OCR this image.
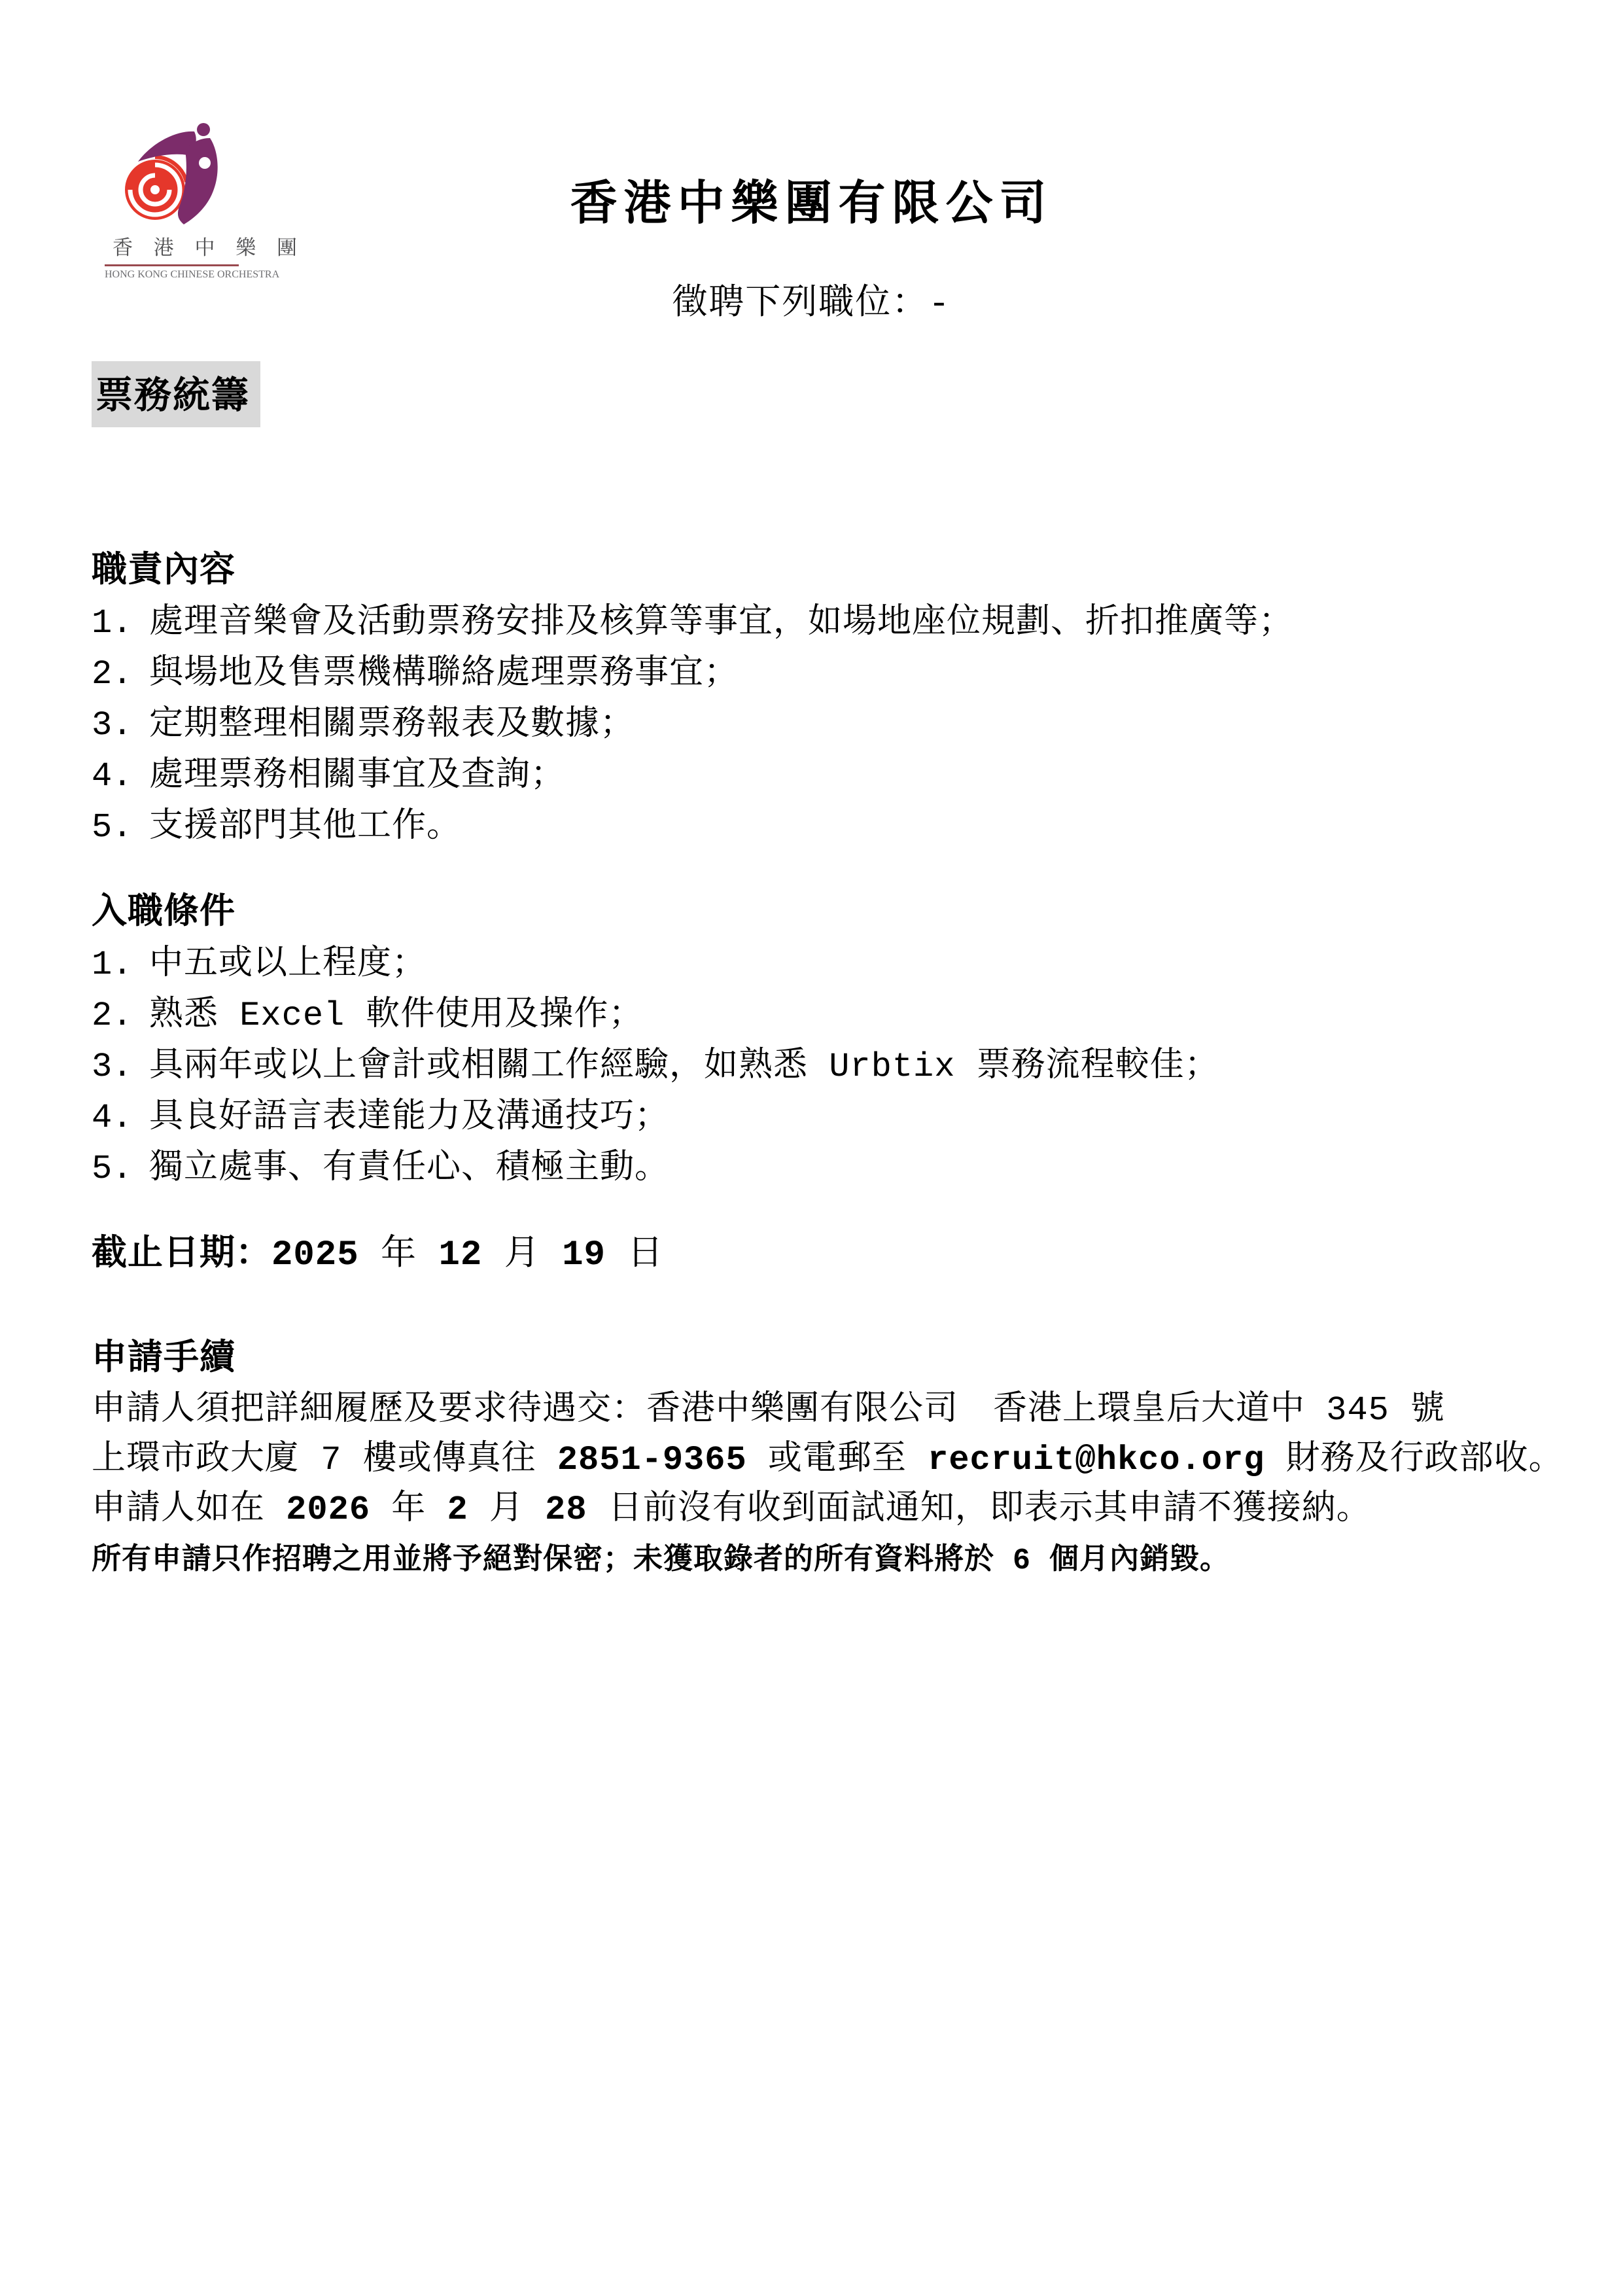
香 港 中 樂 團
HONG KONG CHINESE ORCHESTRA
香港中樂團有限公司
徵聘下列職位：-
票務統籌
職責內容
1. 處理音樂會及活動票務安排及核算等事宜，如場地座位規劃、折扣推廣等；
2. 與場地及售票機構聯絡處理票務事宜；
3. 定期整理相關票務報表及數據；
4. 處理票務相關事宜及查詢；
5. 支援部門其他工作。
入職條件
1. 中五或以上程度；
2. 熟悉 Excel 軟件使用及操作；
3. 具兩年或以上會計或相關工作經驗，如熟悉 Urbtix 票務流程較佳；
4. 具良好語言表達能力及溝通技巧；
5. 獨立處事、有責任心、積極主動。
截止日期：2025 年 12 月 19 日
申請手續

申請人須把詳細履歷及要求待遇交：香港中樂團有限公司　 香港上環皇后大道中 345 號

上環市政大廈 7 樓或傳真往 2851-9365 或電郵至 recruit@hkco.org 財務及行政部收。

申請人如在 2026 年 2 月 28 日前沒有收到面試通知，即表示其申請不獲接納。

所有申請只作招聘之用並將予絕對保密；未獲取錄者的所有資料將於 6 個月內銷毀。
